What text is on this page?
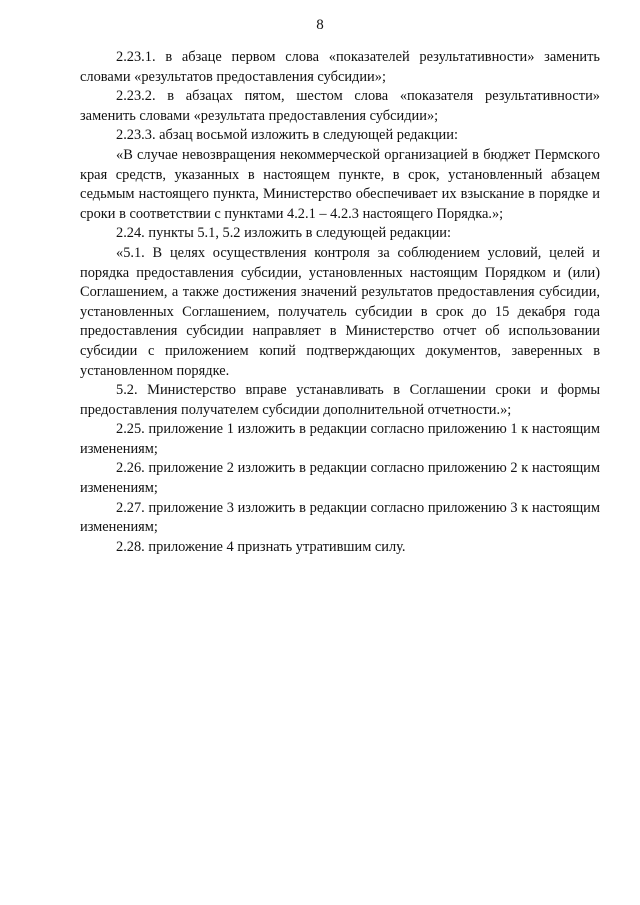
8

2.23.1. в абзаце первом слова «показателей результативности» заменить словами «результатов предоставления субсидии»;

2.23.2. в абзацах пятом, шестом слова «показателя результативности» заменить словами «результата предоставления субсидии»;

2.23.3. абзац восьмой изложить в следующей редакции:

«В случае невозвращения некоммерческой организацией в бюджет Пермского края средств, указанных в настоящем пункте, в срок, установленный абзацем седьмым настоящего пункта, Министерство обеспечивает их взыскание в порядке и сроки в соответствии с пунктами 4.2.1 – 4.2.3 настоящего Порядка.»;

2.24. пункты 5.1, 5.2 изложить в следующей редакции:

«5.1. В целях осуществления контроля за соблюдением условий, целей и порядка предоставления субсидии, установленных настоящим Порядком и (или) Соглашением, а также достижения значений результатов предоставления субсидии, установленных Соглашением, получатель субсидии в срок до 15 декабря года предоставления субсидии направляет в Министерство отчет об использовании субсидии с приложением копий подтверждающих документов, заверенных в установленном порядке.

5.2. Министерство вправе устанавливать в Соглашении сроки и формы предоставления получателем субсидии дополнительной отчетности.»;

2.25. приложение 1 изложить в редакции согласно приложению 1 к настоящим изменениям;

2.26. приложение 2 изложить в редакции согласно приложению 2 к настоящим изменениям;

2.27. приложение 3 изложить в редакции согласно приложению 3 к настоящим изменениям;

2.28. приложение 4 признать утратившим силу.
